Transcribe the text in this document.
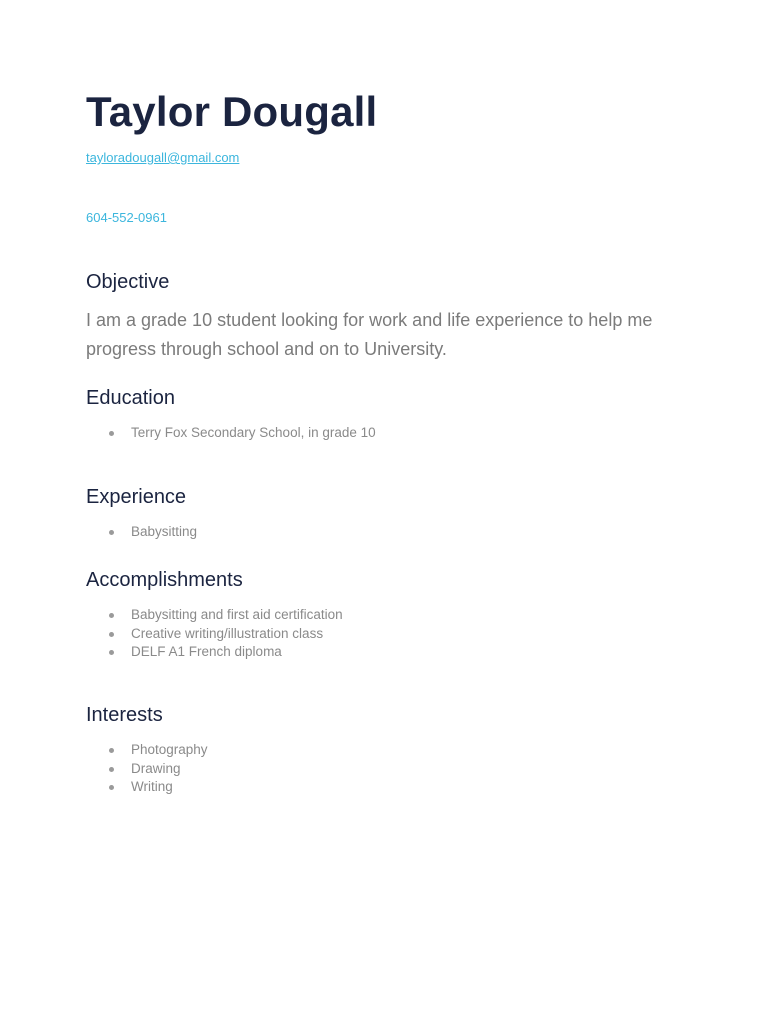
Taylor Dougall
tayloradougall@gmail.com
604-552-0961
Objective

I am a grade 10 student looking for work and life experience to help me progress through school and on to University.

Education
Terry Fox Secondary School, in grade 10
Experience
Babysitting
Accomplishments
Babysitting and first aid certification
Creative writing/illustration class
DELF A1 French diploma
Interests
Photography
Drawing
Writing
